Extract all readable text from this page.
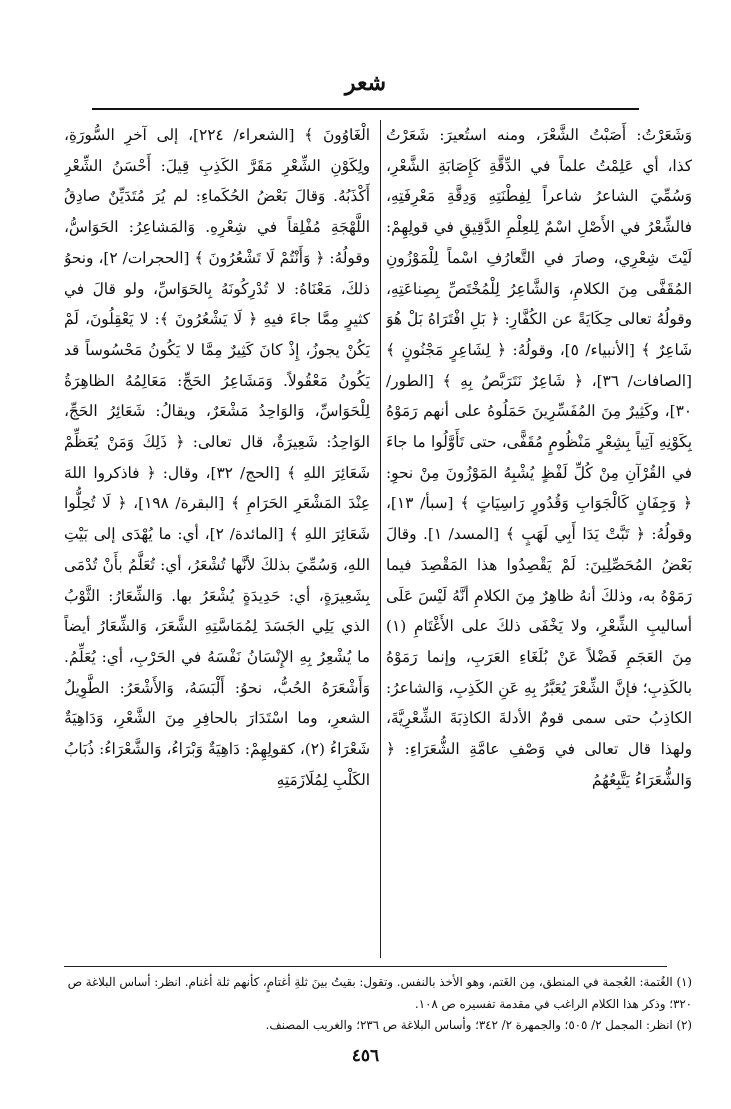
شعر

وَشَعَرْتُ: أَصَبْتُ الشَّعْرَ، ومنه استُعيرَ: شَعَرْتُ كذا، أي عَلِمْتُ علماً في الدِّقَّةِ كَإِصَابَةِ الشَّعْرِ، وَسُمِّيَ الشاعرُ شاعراً لِفِطْنَتِهِ وَدِقَّةِ مَعْرِفَتِهِ، فالشِّعْرُ في الأَصْلِ اسْمٌ لِلعِلْمِ الدَّقِيقِ في قولِهِمْ: لَيْتَ شِعْرِي، وصارَ في التَّعارُفِ اسْماً لِلْمَوْزُونِ المُقَفَّى مِنَ الكلامِ، وَالشَّاعِرُ لِلْمُخْتَصِّ بِصِناعَتِهِ، وقولُهُ تعالى حِكَايَةً عن الكُفَّارِ: ﴿ بَلِ افْتَرَاهُ بَلْ هُوَ شَاعِرٌ ﴾ [الأنبياء/ ٥]، وقولُهُ: ﴿ لِشَاعِرٍ مَجْنُونٍ ﴾ [الصافات/ ٣٦]، ﴿ شَاعِرٌ نَتَرَبَّصُ بِهِ ﴾ [الطور/ ٣٠]، وكَثِيرٌ مِنَ المُفَسِّرِينَ حَمَلُوهُ على أنهم رَمَوْهُ بِكَوْنِهِ آتِياً بِشِعْرٍ مَنْظُومٍ مُقَفًّى، حتى تَأَوَّلُوا ما جاءَ في القُرْآنِ مِنْ كُلِّ لَفْظٍ يُشْبِهُ المَوْزُونَ مِنْ نحوِ: ﴿ وَجِفَانٍ كَالْجَوَابِ وَقُدُورٍ رَاسِيَاتٍ ﴾ [سبأ/ ١٣]، وقولُهُ: ﴿ تَبَّتْ يَدَا أَبِي لَهَبٍ ﴾ [المسد/ ١]. وقالَ بَعْضُ المُحَصِّلِينَ: لَمْ يَقْصِدُوا هذا المَقْصِدَ فيما رَمَوْهُ به، وذلكَ أنهُ ظاهِرٌ مِنَ الكلامِ أنَّهُ لَيْسَ عَلَى أساليبِ الشِّعْرِ، ولا يَخْفَى ذلكَ على الأَغْتَامِ (١) مِنَ العَجَمِ فَضْلاً عَنْ بُلَغَاءِ العَرَبِ، وإنما رَمَوْهُ بالكَذِبِ؛ فإنَّ الشِّعْرَ يُعَبَّرُ بِهِ عَنِ الكَذِبِ، وَالشاعرُ: الكاذِبُ حتى سمى قومٌ الأدلةَ الكاذِبَةَ الشِّعْرِيَّةَ، ولهذا قال تعالى في وَصْفِ عامَّةِ الشُّعَرَاءِ: ﴿ وَالشُّعَرَاءُ يَتَّبِعُهُمُ

الْغَاوُونَ ﴾ [الشعراء/ ٢٢٤]، إلى آخرِ السُّورَةِ، ولِكَوْنِ الشِّعْرِ مَقَرَّ الكَذِبِ قِيلَ: أَحْسَنُ الشِّعْرِ أَكْذَبُهُ. وَقالَ بَعْضُ الحُكَماءِ: لم يُرَ مُتَدَيِّنٌ صادِقُ اللَّهْجَةِ مُفْلِقاً في شِعْرِهِ. وَالمَشاعِرُ: الحَوَاسُّ، وقولُهُ: ﴿ وَأَنْتُمْ لَا تَشْعُرُونَ ﴾ [الحجرات/ ٢]، ونحوُ ذلكَ، مَعْنَاهُ: لا تُدْرِكُونَهُ بِالحَوَاسِّ، ولو قالَ في كثيرٍ مِمَّا جاءَ فيهِ ﴿ لَا يَشْعُرُونَ ﴾: لا يَعْقِلُونَ، لَمْ يَكُنْ يجوزُ، إِذْ كانَ كَثِيرٌ مِمَّا لا يَكُونُ مَحْسُوساً قد يَكُونُ مَعْقُولاً. وَمَشَاعِرُ الحَجِّ: مَعَالِمُهُ الظاهِرَةُ لِلْحَوَاسِّ، وَالوَاحِدُ مَشْعَرٌ، ويقالُ: شَعَائِرُ الحَجِّ، الوَاحِدُ: شَعِيرَةٌ، قال تعالى: ﴿ ذَلِكَ وَمَنْ يُعَظِّمْ شَعَائِرَ اللهِ ﴾ [الحج/ ٣٢]، وقال: ﴿ فاذكروا اللهَ عِنْدَ المَشْعَرِ الحَرَامِ ﴾ [البقرة/ ١٩٨]، ﴿ لَا تُحِلُّوا شَعَائِرَ اللهِ ﴾ [المائدة/ ٢]، أي: ما يُهْدَى إلى بَيْتِ اللهِ، وَسُمِّيَ بذلكَ لأنَّها تُشْعَرُ، أي: تُعَلَّمُ بأَنْ تُدْمَى بِشَعِيرَةٍ، أي: حَدِيدَةٍ يُشْعَرُ بها. وَالشِّعَارُ: الثَّوْبُ الذي يَلِي الجَسَدَ لِمُمَاسَّتِهِ الشَّعَرَ، وَالشِّعَارُ أيضاً ما يُشْعِرُ بِهِ الإِنْسَانُ نَفْسَهُ في الحَرْبِ، أي: يُعَلِّمُ. وَأَشْعَرَهُ الحُبُّ، نحوُ: أَلْبَسَهُ، وَالأَشْعَرُ: الطَّوِيلُ الشعرِ، وما اسْتَدَارَ بالحافِرِ مِنَ الشَّعْرِ، وَدَاهِيَةٌ شَعْرَاءُ (٢)، كقولِهِمْ: دَاهِيَةٌ وَبْرَاءُ، وَالشَّعْرَاءُ: ذُبَابُ الكَلْبِ لِمُلَازَمَتِهِ

(١) الغُتمة: العُجمة في المنطق، مِن الغَتم، وهو الأخذ بالنفس. وتقول: بقيتُ بينَ ثلةِ أغتامٍ، كأنهم ثلة أغنام. انظر: أساس البلاغة ص ٣٢٠؛ وذكر هذا الكلام الراغب في مقدمة تفسيره ص ١٠٨.

(٢) انظر: المجمل ٢/ ٥٠٥؛ والجمهرة ٢/ ٣٤٢؛ وأساس البلاغة ص ٢٣٦؛ والغريب المصنف.

٤٥٦
